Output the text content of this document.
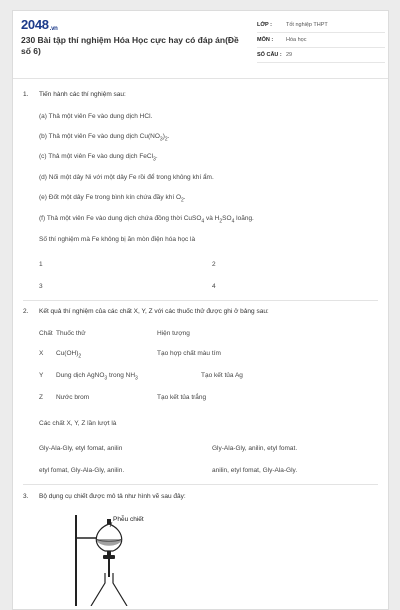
2048.vn
230 Bài tập thí nghiệm Hóa Học cực hay có đáp án(Đề số 6)
LỚP :	Tốt nghiệp THPT
MÔN :	Hóa học
SỐ CÂU : 29
1. Tiến hành các thí nghiệm sau:
(a) Thả một viên Fe vào dung dịch HCl.
(b) Thả một viên Fe vào dung dịch $Cu(NO_3)_2$.
(c) Thả một viên Fe vào dung dịch FeCl$_3$.
(d) Nối một dây Ni với một dây Fe rồi để trong không khí ẩm.
(e) Đốt một dây Fe trong bình kín chứa đầy khí $O_2$.
(f) Thả một viên Fe vào dung dịch chứa đồng thời CuSO$_4$ và $H_2SO_4$ loãng.
Số thí nghiệm mà Fe không bị ăn mòn điện hóa học là
1	2
3	4
2. Kết quả thí nghiệm của các chất X, Y, Z với các thuốc thử được ghi ở bảng sau:
Chất Thuốc thử	Hiện tượng
X $Cu(OH)_2$	Tạo hợp chất màu tím
Y Dung dịch AgNO$_3$ trong $NH_3$	Tạo kết tủa Ag
Z Nước brom	Tạo kết tủa trắng
Các chất X, Y, Z lần lượt là
Gly-Ala-Gly, etyl fomat, anilin	Gly-Ala-Gly, anilin, etyl fomat.
etyl fomat, Gly-Ala-Gly, anilin.	anilin, etyl fomat, Gly-Ala-Gly.
3. Bộ dụng cụ chiết được mô tả như hình vẽ sau đây:
Phễu chiết
